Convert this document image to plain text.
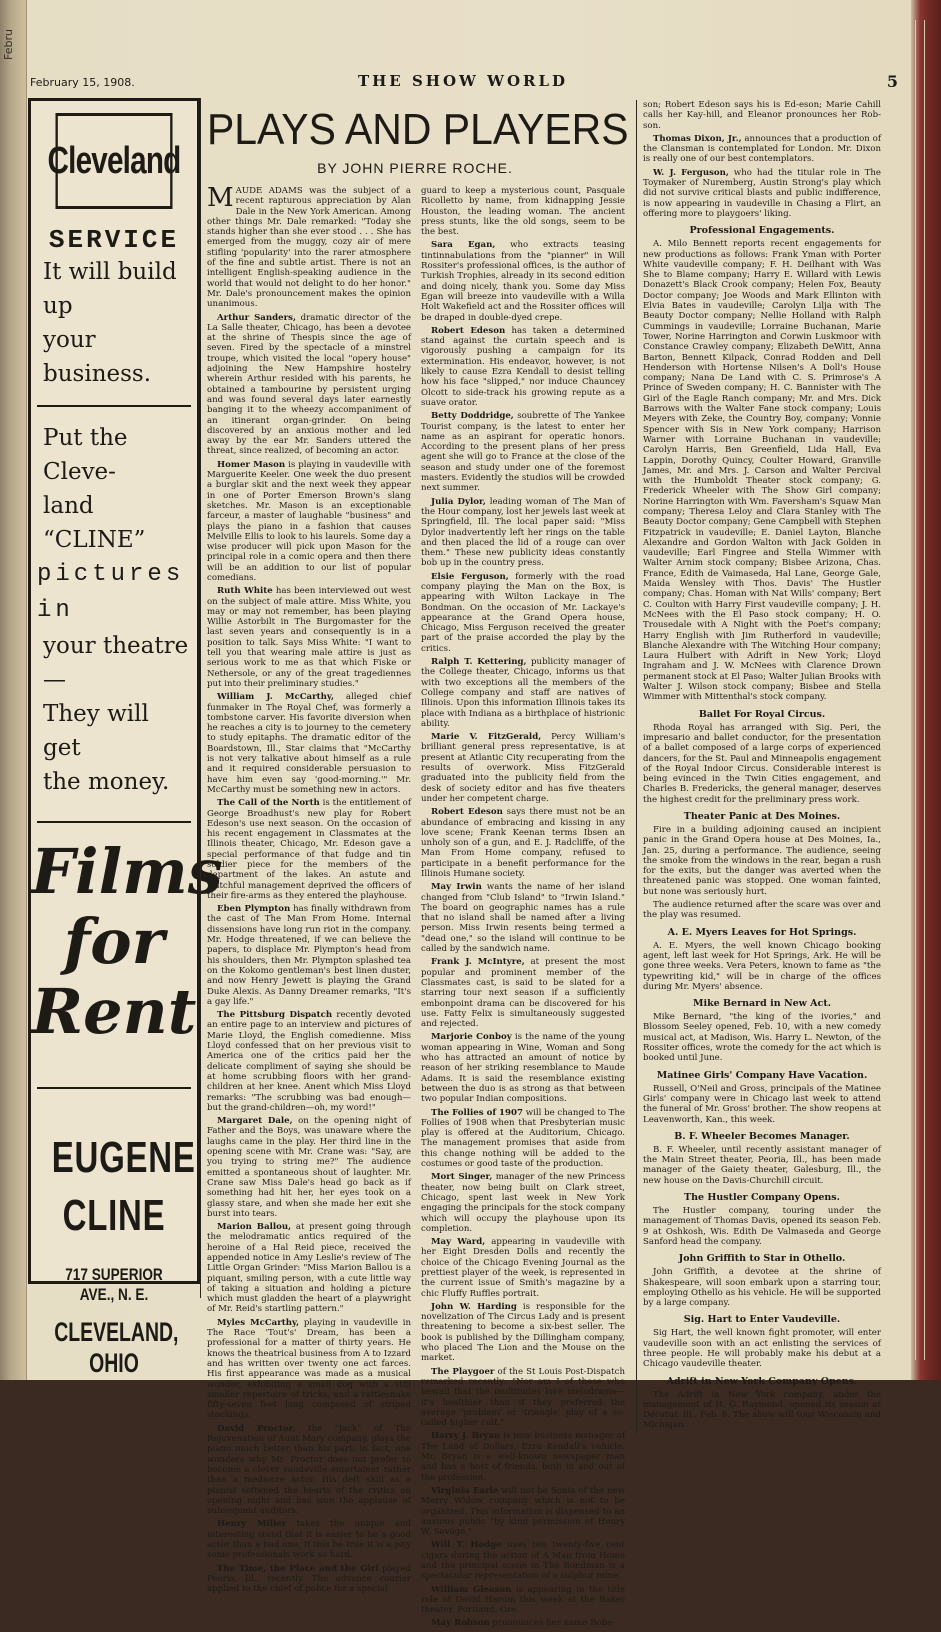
Febru
February 15, 1908.	THE SHOW WORLD	5
Cleveland
SERVICE
It will build up
your business.
Put the Cleve-
land “CLINE”
pictures in
your theatre—
They will get
the money.
Films
for
Rent
EUGENE
CLINE
717 SUPERIOR AVE., N. E.
CLEVELAND, OHIO
PLAYS AND PLAYERS
BY JOHN PIERRE ROCHE.

MAUDE ADAMS was the subject of a recent rapturous appreciation by Alan Dale in the New York American. Among other things Mr. Dale remarked: "Today she stands higher than she ever stood . . . She has emerged from the muggy, cozy air of mere stifling 'popularity' into the rarer atmosphere of the fine and subtle artist. There is not an intelligent English-speaking audience in the world that would not delight to do her honor." Mr. Dale's pronouncement makes the opinion unanimous.

Arthur Sanders, dramatic director of the La Salle theater, Chicago, has been a devotee at the shrine of Thespis since the age of seven. Fired by the spectacle of a minstrel troupe, which visited the local "opery house" adjoining the New Hampshire hostelry wherein Arthur resided with his parents, he obtained a tambourine by persistent urging and was found several days later earnestly banging it to the wheezy accompaniment of an itinerant organ-grinder. On being discovered by an anxious mother and led away by the ear Mr. Sanders uttered the threat, since realized, of becoming an actor.

Homer Mason is playing in vaudeville with Marguerite Keeler. One week the duo present a burglar skit and the next week they appear in one of Porter Emerson Brown's slang sketches. Mr. Mason is an exceptionable farceur, a master of laughable "business" and plays the piano in a fashion that causes Melville Ellis to look to his laurels. Some day a wise producer will pick upon Mason for the principal role in a comic opera and then there will be an addition to our list of popular comedians.

Ruth White has been interviewed out west on the subject of male attire. Miss White, you may or may not remember, has been playing Willie Astorbilt in The Burgomaster for the last seven years and consequently is in a position to talk. Says Miss White: "I want to tell you that wearing male attire is just as serious work to me as that which Fiske or Nethersole, or any of the great tragediennes put into their preliminary studies."

William J. McCarthy, alleged chief funmaker in The Royal Chef, was formerly a tombstone carver. His favorite diversion when he reaches a city is to journey to the cemetery to study epitaphs. The dramatic editor of the Boardstown, Ill., Star claims that "McCarthy is not very talkative about himself as a rule and it required considerable persuasion to have him even say 'good-morning.'" Mr. McCarthy must be something new in actors.

The Call of the North is the entitlement of George Broadhust's new play for Robert Edeson's use next season. On the occasion of his recent engagement in Classmates at the Illinois theater, Chicago, Mr. Edeson gave a special performance of that fudge and tin soldier piece for the members of the department of the lakes. An astute and watchful management deprived the officers of their fire-arms as they entered the playhouse.

Eben Plympton has finally withdrawn from the cast of The Man From Home. Internal dissensions have long run riot in the company. Mr. Hodge threatened, if we can believe the papers, to displace Mr. Plympton's head from his shoulders, then Mr. Plympton splashed tea on the Kokomo gentleman's best linen duster, and now Henry Jewett is playing the Grand Duke Alexis. As Danny Dreamer remarks, "It's a gay life."

The Pittsburg Dispatch recently devoted an entire page to an interview and pictures of Marie Lloyd, the English comedienne. Miss Lloyd confessed that on her previous visit to America one of the critics paid her the delicate compliment of saying she should be at home scrubbing floors with her grand-children at her knee. Anent which Miss Lloyd remarks: "The scrubbing was bad enough—but the grand-children—oh, my word!"

Margaret Dale, on the opening night of Father and the Boys, was unaware where the laughs came in the play. Her third line in the opening scene with Mr. Crane was: "Say, are you trying to string me?" The audience emitted a spontaneous shout of laughter. Mr. Crane saw Miss Dale's head go back as if something had hit her, her eyes took on a glassy stare, and when she made her exit she burst into tears.

Marion Ballou, at present going through the melodramatic antics required of the heroine of a Hal Reid piece, received the appended notice in Amy Leslie's review of The Little Organ Grinder: "Miss Marion Ballou is a piquant, smiling person, with a cute little way of taking a situation and holding a picture which must gladden the heart of a playwright of Mr. Reid's startling pattern."

Myles McCarthy, playing in vaudeville in The Race 'Tout's' Dream, has been a professional for a matter of thirty years. He knows the theatrical business from A to Izzard and has written over twenty one act farces. His first appearance was made as a musical wonder, exhibiting a small dog with a still smaller repertoire of tricks, and a rattlesnake fifty-seven feet long composed of striped stockings.

David Proctor, the "Jack" of The Rejuvenation of Aunt Mary company, plays the piano much better than his part; in fact, one wonders why Mr. Proctor does not prefer to become a clever vaudeville entertainer rather than a mediocre actor. His deft skill as a pianist softened the hearts of the critics on opening night and has won the applause of subsequent auditors.

Henry Miller takes the unique and interesting stand that it is easier to be a good actor than a bad one. If this be true it is a pity some professionals work so hard.

The Time, the Place and the Girl played Peoria, Ill., recently. The advance courier applied to the chief of police for a special

guard to keep a mysterious count, Pasquale Ricolletto by name, from kidnapping Jessie Houston, the leading woman. The ancient press stunts, like the old songs, seem to be the best.

Sara Egan, who extracts teasing tintinnabulations from the "pianner" in Will Rossiter's professional offices, is the author of Turkish Trophies, already in its second edition and doing nicely, thank you. Some day Miss Egan will breeze into vaudeville with a Willa Holt Wakefield act and the Rossiter offices will be draped in double-dyed crepe.

Robert Edeson has taken a determined stand against the curtain speech and is vigorously pushing a campaign for its extermination. His endeavor, however, is not likely to cause Ezra Kendall to desist telling how his face "slipped," nor induce Chauncey Olcott to side-track his growing repute as a suave orator.

Betty Doddridge, soubrette of The Yankee Tourist company, is the latest to enter her name as an aspirant for operatic honors. According to the present plans of her press agent she will go to France at the close of the season and study under one of the foremost masters. Evidently the studios will be crowded next summer.

Julia Dylor, leading woman of The Man of the Hour company, lost her jewels last week at Springfield, Ill. The local paper said: "Miss Dylor inadvertently left her rings on the table and then placed the lid of a rouge can over them." These new publicity ideas constantly bob up in the country press.

Elsie Ferguson, formerly with the road company playing the Man on the Box, is appearing with Wilton Lackaye in The Bondman. On the occasion of Mr. Lackaye's appearance at the Grand Opera house, Chicago, Miss Ferguson received the greater part of the praise accorded the play by the critics.

Ralph T. Kettering, publicity manager of the College theater, Chicago, informs us that with two exceptions all the members of the College company and staff are natives of Illinois. Upon this information Illinois takes its place with Indiana as a birthplace of histrionic ability.

Marie V. FitzGerald, Percy William's brilliant general press representative, is at present at Atlantic City recuperating from the results of overwork. Miss FitzGerald graduated into the publicity field from the desk of society editor and has five theaters under her competent charge.

Robert Edeson says there must not be an abundance of embracing and kissing in any love scene; Frank Keenan terms Ibsen an unholy son of a gun, and E. J. Radcliffe, of the Man From Home company, refused to participate in a benefit performance for the Illinois Humane society.

May Irwin wants the name of her island changed from "Club Island" to "Irwin Island." The board on geographic names has a rule that no island shall be named after a living person. Miss Irwin resents being termed a "dead one," so the island will continue to be called by the sandwich name.

Frank J. McIntyre, at present the most popular and prominent member of the Classmates cast, is said to be slated for a starring tour next season if a sufficiently embonpoint drama can be discovered for his use. Fatty Felix is simultaneously suggested and rejected.

Marjorie Conboy is the name of the young woman appearing in Wine, Woman and Song who has attracted an amount of notice by reason of her striking resemblance to Maude Adams. It is said the resemblance existing between the duo is as strong as that between two popular Indian compositions.

The Follies of 1907 will be changed to The Follies of 1908 when that Presbyterian music play is offered at the Auditorium, Chicago. The management promises that aside from this change nothing will be added to the costumes or good taste of the production.

Mort Singer, manager of the new Princess theater, now being built on Clark street, Chicago, spent last week in New York engaging the principals for the stock company which will occupy the playhouse upon its completion.

May Ward, appearing in vaudeville with her Eight Dresden Dolls and recently the choice of the Chicago Evening Journal as the prettiest player of the week, is represented in the current issue of Smith's magazine by a chic Fluffy Ruffles portrait.

John W. Harding is responsible for the novelization of The Circus Lady and is present threatening to become a six-best seller. The book is published by the Dillingham company, who placed The Lion and the Mouse on the market.

The Playgoer of the St Louis Post-Dispatch remarked recently: "Nor am I of those who bewail that the multitudes love melodrama—it's healthier than if they preferred the average 'problem' or 'triangle' play of a so-called higher cult."

Harry J. Bryan is now business manager of The Land of Dollars, Ezra Kendall's vehicle. Mr. Bryan is a well-known newspaper man and has a host of friends, both in and out of the profession.

Virginia Earle will not be Sonia of the new Merry Widow company which is not to be organized. This information is dispensed to an anxious public "by kind permission of Henry W. Savage."

Will T. Hodge uses ten twenty-five cent cigars during the action of A Man from Home and the principal scene in The Bondman is a spectacular representation of a sulphur mine.

William Gleason is appearing in the title role of David Harum this week at the Baker theater, Portland, Ore.

May Robson pronounces her name Robe-

son; Robert Edeson says his is Ed-eson; Marie Cahill calls her Kay-hill, and Eleanor pronounces her Rob-son.

Thomas Dixon, Jr., announces that a production of the Clansman is contemplated for London. Mr. Dixon is really one of our best contemplators.

W. J. Ferguson, who had the titular role in The Toymaker of Nuremberg, Austin Strong's play which did not survive critical blasts and public indifference, is now appearing in vaudeville in Chasing a Flirt, an offering more to playgoers' liking.

Professional Engagements.

A. Milo Bennett reports recent engagements for new productions as follows: Frank Yman with Porter White vaudeville company; F. H. Deilhant with Was She to Blame company; Harry E. Willard with Lewis Donazett's Black Crook company; Helen Fox, Beauty Doctor company; Joe Woods and Mark Ellinton with Elvia Bates in vaudeville; Carolyn Lilja with The Beauty Doctor company; Nellie Holland with Ralph Cummings in vaudeville; Lorraine Buchanan, Marie Tower, Norine Harrington and Corwin Luskmoor with Constance Crawley company; Elizabeth DeWitt, Anna Barton, Bennett Kilpack, Conrad Rodden and Dell Henderson with Hortense Nilsen's A Doll's House company; Nana De Land with C. S. Primrose's A Prince of Sweden company; H. C. Bannister with The Girl of the Eagle Ranch company; Mr. and Mrs. Dick Barrows with the Walter Fane stock company; Louis Meyers with Zeke, the Country Boy, company; Vonnie Spencer with Sis in New York company; Harrison Warner with Lorraine Buchanan in vaudeville; Carolyn Harris, Ben Greenfield, Lida Hall, Eva Lappin, Dorothy Quincy, Coulter Howard, Granville James, Mr. and Mrs. J. Carson and Walter Percival with the Humboldt Theater stock company; G. Frederick Wheeler with The Show Girl company; Norine Harrington with Wm. Faversham's Squaw Man company; Theresa Leloy and Clara Stanley with The Beauty Doctor company; Gene Campbell with Stephen Fitzpatrick in vaudeville; E. Daniel Layton, Blanche Alexandre and Gordon Walton with Jack Golden in vaudeville; Earl Fingree and Stella Wimmer with Walter Arnim stock company; Bisbee Arizona, Chas. France, Edith de Vaimaseda, Hal Lane, George Gale, Maida Wensley with Thos. Davis' The Hustler company; Chas. Homan with Nat Wills' company; Bert C. Coulton with Harry First vaudeville company; J. H. McNees with the El Paso stock company; H. O. Trousedale with A Night with the Poet's company; Harry English with Jim Rutherford in vaudeville; Blanche Alexandre with The Witching Hour company; Laura Hulbert with Adrift in New York; Lloyd Ingraham and J. W. McNees with Clarence Drown permanent stock at El Paso; Walter Julian Brooks with Walter J. Wilson stock company; Bisbee and Stella Wimmer with Mittenthal's stock company.

Ballet For Royal Circus.

Rhoda Royal has arranged with Sig. Peri, the impresario and ballet conductor, for the presentation of a ballet composed of a large corps of experienced dancers, for the St. Paul and Minneapolis engagement of the Royal Indoor Circus. Considerable interest is being evinced in the Twin Cities engagement, and Charles B. Fredericks, the general manager, deserves the highest credit for the preliminary press work.

Theater Panic at Des Moines.

Fire in a building adjoining caused an incipient panic in the Grand Opera house at Des Moines, Ia., Jan. 25, during a performance. The audience, seeing the smoke from the windows in the rear, began a rush for the exits, but the danger was averted when the threatened panic was stopped. One woman fainted, but none was seriously hurt.

The audience returned after the scare was over and the play was resumed.

A. E. Myers Leaves for Hot Springs.

A. E. Myers, the well known Chicago booking agent, left last week for Hot Springs, Ark. He will be gone three weeks. Vera Peters, known to fame as "the typewriting kid," will be in charge of the offices during Mr. Myers' absence.

Mike Bernard in New Act.

Mike Bernard, "the king of the ivories," and Blossom Seeley opened, Feb. 10, with a new comedy musical act, at Madison, Wis. Harry L. Newton, of the Rossiter offices, wrote the comedy for the act which is booked until June.

Matinee Girls' Company Have Vacation.

Russell, O'Neil and Gross, principals of the Matinee Girls' company were in Chicago last week to attend the funeral of Mr. Gross' brother. The show reopens at Leavenworth, Kan., this week.

B. F. Wheeler Becomes Manager.

B. F. Wheeler, until recently assistant manager of the Main Street theater, Peoria, Ill., has been made manager of the Gaiety theater, Galesburg, Ill., the new house on the Davis-Churchill circuit.

The Hustler Company Opens.

The Hustler company, touring under the management of Thomas Davis, opened its season Feb. 9 at Oshkosh, Wis. Edith De Valmaseda and George Sanford head the company.

John Griffith to Star in Othello.

John Griffith, a devotee at the shrine of Shakespeare, will soon embark upon a starring tour, employing Othello as his vehicle. He will be supported by a large company.

Sig. Hart to Enter Vaudeville.

Sig Hart, the well known fight promoter, will enter vaudeville soon with an act enlisting the services of three people. He will probably make his debut at a Chicago vaudeville theater.

Adrift in New York Company Opens.

The Adrift in New York company, under the management of H. G. Raymond, opened its season at Decatur, Ill., Feb. 8. The show will tour Wisconsin and Michigan.
